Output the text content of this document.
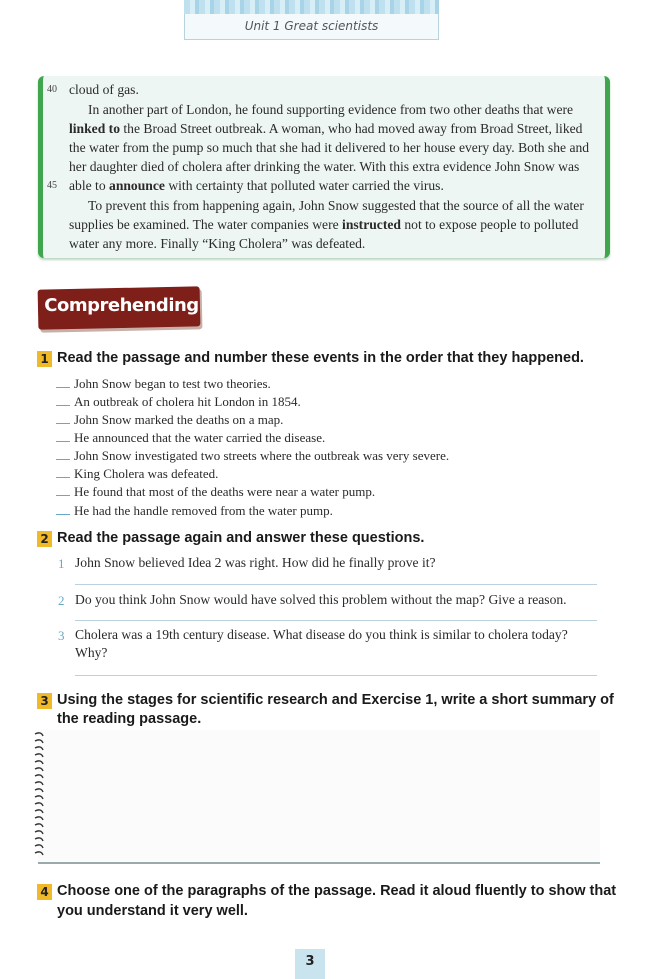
Unit 1 Great scientists
40
45
cloud of gas.
In another part of London, he found supporting evidence from two other deaths that were
linked to the Broad Street outbreak. A woman, who had moved away from Broad Street, liked
the water from the pump so much that she had it delivered to her house every day. Both she and
her daughter died of cholera after drinking the water. With this extra evidence John Snow was
able to announce with certainty that polluted water carried the virus.
To prevent this from happening again, John Snow suggested that the source of all the water
supplies be examined. The water companies were instructed not to expose people to polluted
water any more. Finally “King Cholera” was defeated.
Comprehending
1 Read the passage and number these events in the order that they happened.
John Snow began to test two theories.
An outbreak of cholera hit London in 1854.
John Snow marked the deaths on a map.
He announced that the water carried the disease.
John Snow investigated two streets where the outbreak was very severe.
King Cholera was defeated.
He found that most of the deaths were near a water pump.
He had the handle removed from the water pump.
2 Read the passage again and answer these questions.
1 John Snow believed Idea 2 was right. How did he finally prove it?
2 Do you think John Snow would have solved this problem without the map? Give a reason.
3 Cholera was a 19th century disease. What disease do you think is similar to cholera today?
Why?
3 Using the stages for scientific research and Exercise 1, write a short summary of
the reading passage.
4 Choose one of the paragraphs of the passage. Read it aloud fluently to show that
you understand it very well.
3
